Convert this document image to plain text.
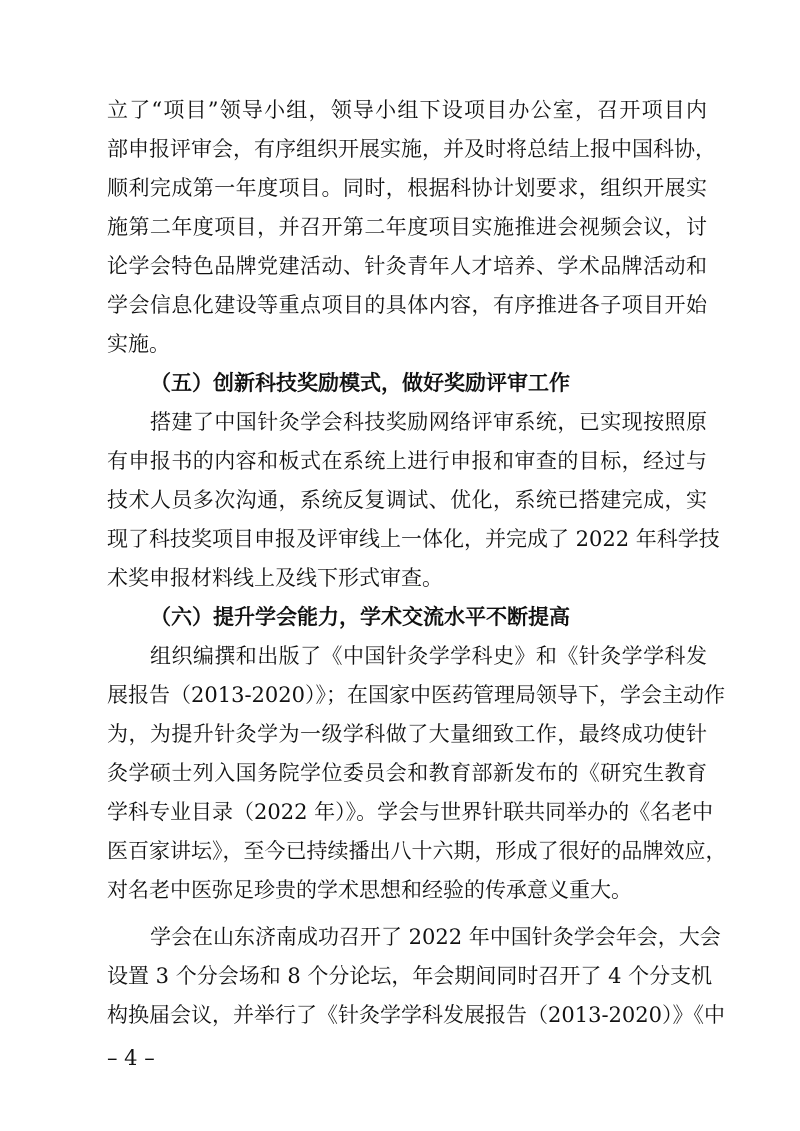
立了“项目”领导小组，领导小组下设项目办公室，召开项目内
部申报评审会，有序组织开展实施，并及时将总结上报中国科协，
顺利完成第一年度项目。同时，根据科协计划要求，组织开展实
施第二年度项目，并召开第二年度项目实施推进会视频会议，讨
论学会特色品牌党建活动、针灸青年人才培养、学术品牌活动和
学会信息化建设等重点项目的具体内容，有序推进各子项目开始
实施。
（五）创新科技奖励模式，做好奖励评审工作
搭建了中国针灸学会科技奖励网络评审系统，已实现按照原
有申报书的内容和板式在系统上进行申报和审查的目标，经过与
技术人员多次沟通，系统反复调试、优化，系统已搭建完成，实
现了科技奖项目申报及评审线上一体化，并完成了 2022 年科学技
术奖申报材料线上及线下形式审查。
（六）提升学会能力，学术交流水平不断提高
组织编撰和出版了《中国针灸学学科史》和《针灸学学科发
展报告（2013-2020）》；在国家中医药管理局领导下，学会主动作
为，为提升针灸学为一级学科做了大量细致工作，最终成功使针
灸学硕士列入国务院学位委员会和教育部新发布的《研究生教育
学科专业目录（2022 年）》。学会与世界针联共同举办的《名老中
医百家讲坛》，至今已持续播出八十六期，形成了很好的品牌效应，
对名老中医弥足珍贵的学术思想和经验的传承意义重大。
学会在山东济南成功召开了 2022 年中国针灸学会年会，大会
设置 3 个分会场和 8 个分论坛，年会期间同时召开了 4 个分支机
构换届会议，并举行了《针灸学学科发展报告（2013-2020）》《中
– 4 –
